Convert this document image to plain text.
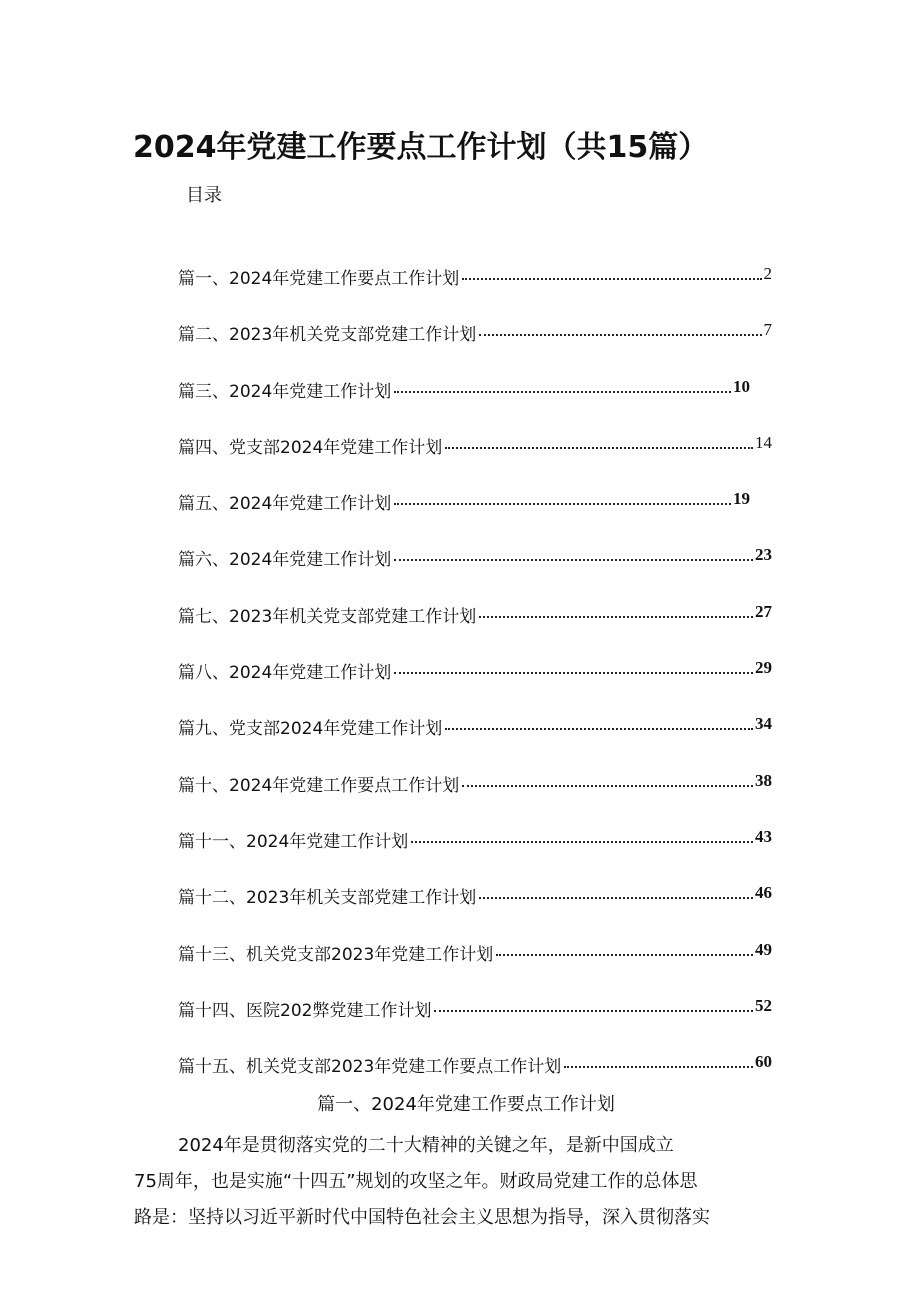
2024年党建工作要点工作计划（共15篇）
目录
篇一、2024年党建工作要点工作计划	2
篇二、2023年机关党支部党建工作计划	7
篇三、2024年党建工作计划	10
篇四、党支部2024年党建工作计划	14
篇五、2024年党建工作计划	19
篇六、2024年党建工作计划	23
篇七、2023年机关党支部党建工作计划	27
篇八、2024年党建工作计划	29
篇九、党支部2024年党建工作计划	34
篇十、2024年党建工作要点工作计划	38
篇十一、2024年党建工作计划	43
篇十二、2023年机关支部党建工作计划	46
篇十三、机关党支部2023年党建工作计划	49
篇十四、医院202弊党建工作计划	52
篇十五、机关党支部2023年党建工作要点工作计划	60
篇一、2024年党建工作要点工作计划
2024年是贯彻落实党的二十大精神的关键之年，是新中国成立
75周年，也是实施“十四五”规划的攻坚之年。财政局党建工作的总体思
路是：坚持以习近平新时代中国特色社会主义思想为指导，深入贯彻落实
